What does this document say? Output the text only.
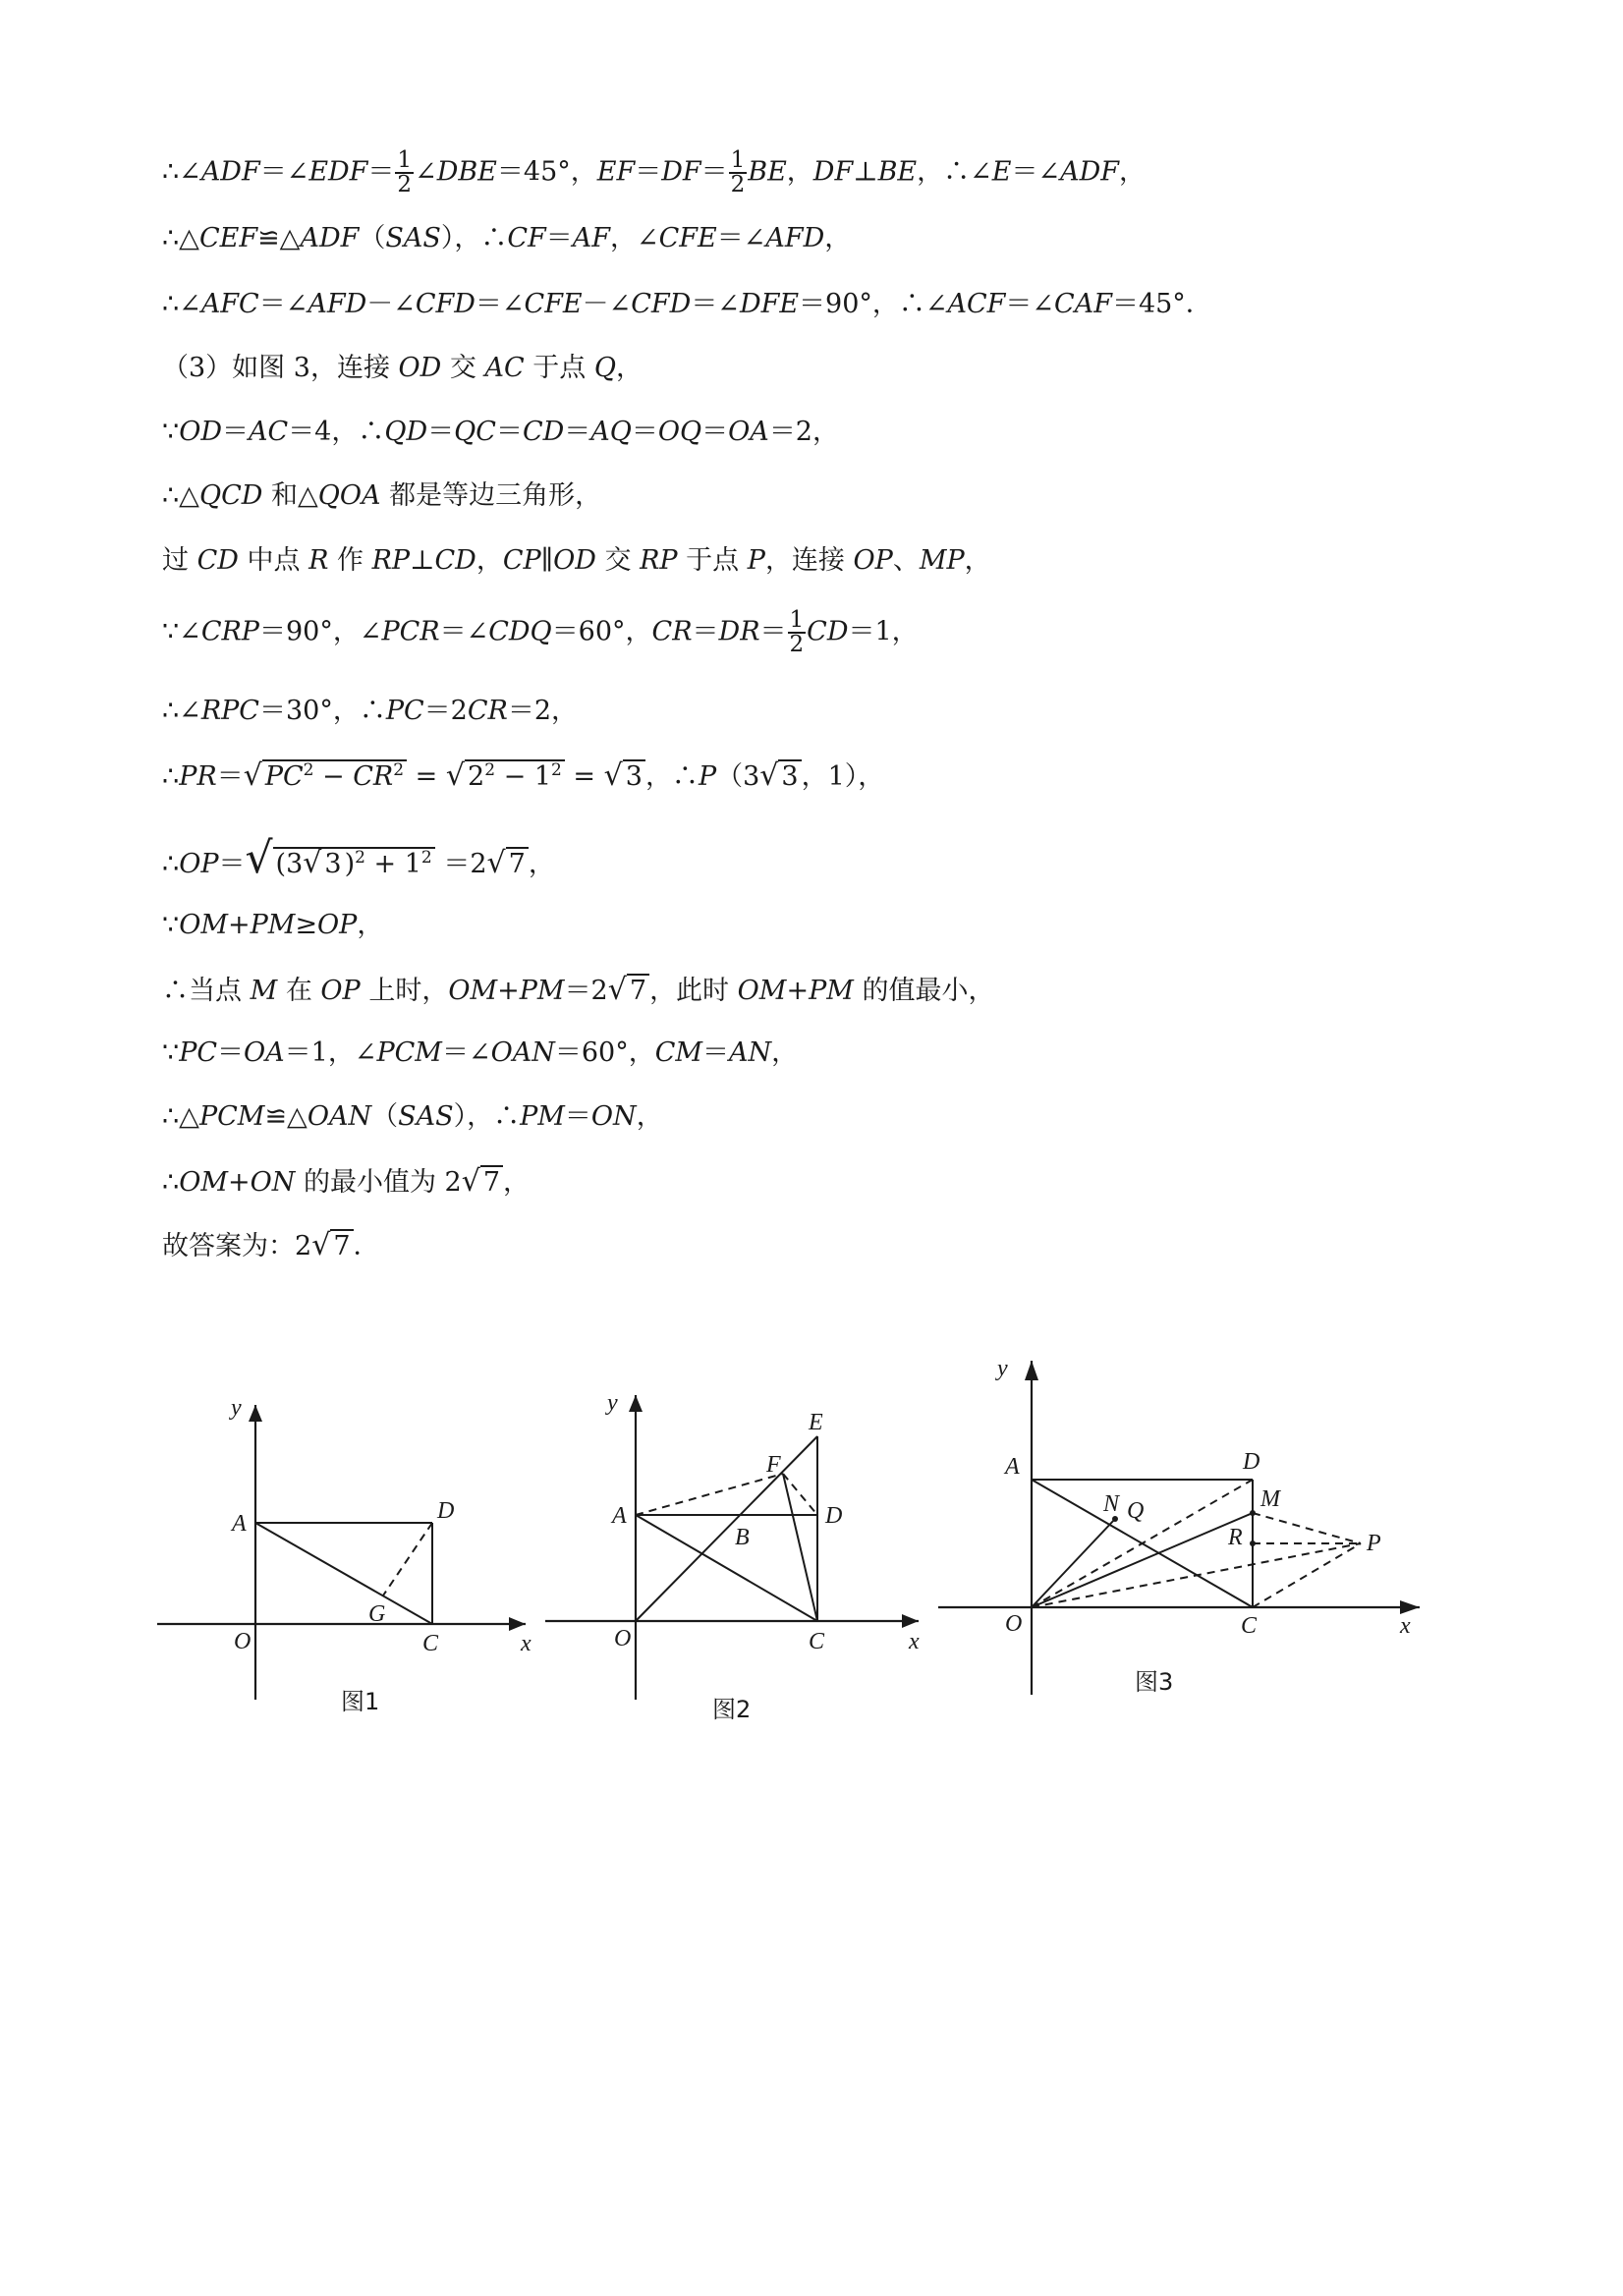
∴∠ADF＝∠EDF＝ $\frac{1}{2}$ ∠DBE＝45°，$EF=DF= \frac{1}{2}$ BE，DF⊥BE，∴∠E＝∠ADF，
∴△CEF≌△ADF（SAS），∴CF＝AF，∠CFE＝∠AFD，
∴∠AFC＝∠AFD－∠CFD＝∠CFE－∠CFD＝∠DFE＝90°，∴∠ACF＝∠CAF＝45°．
（3）如图 3，连接 OD 交 AC 于点 Q，
∵OD＝AC＝4，∴QD＝QC＝CD＝AQ＝OQ＝OA＝2，
∴△QCD 和△QOA 都是等边三角形，
过 CD 中点 R 作 RP⊥CD，CP∥OD 交 RP 于点 P，连接 OP、MP，
∵∠CRP＝90°，∠PCR＝∠CDQ＝60°，$CR=DR= \frac{1}{2} CD=1$，
∴∠RPC＝30°，∴PC＝2CR＝2，
∴PR＝√ $PC^2 - CR^2$ = √ $2^2 - 1^2$ = √ 3 ，∴P（3√ 3 ，1），
∴OP＝√ (3√ 3 )$^2 + 1^2 =2√$ 7 ，
∵OM+PM≥OP，
∴当点 M 在 OP 上时，OM+PM＝2√ 7 ，此时 OM+PM 的值最小，
∵PC＝OA＝1，∠PCM＝∠OAN＝60°，CM＝AN，
∴△PCM≌△OAN（SAS），∴PM＝ON，
∴OM+ON 的最小值为 2√ 7 ，
故答案为：2√ 7 ．
y
A	D
G
O	C	x
图1
y
E
F
A	D
B
O	C	x
图2
y
A	D
N Q	M
R	P
O	C	x
图3
